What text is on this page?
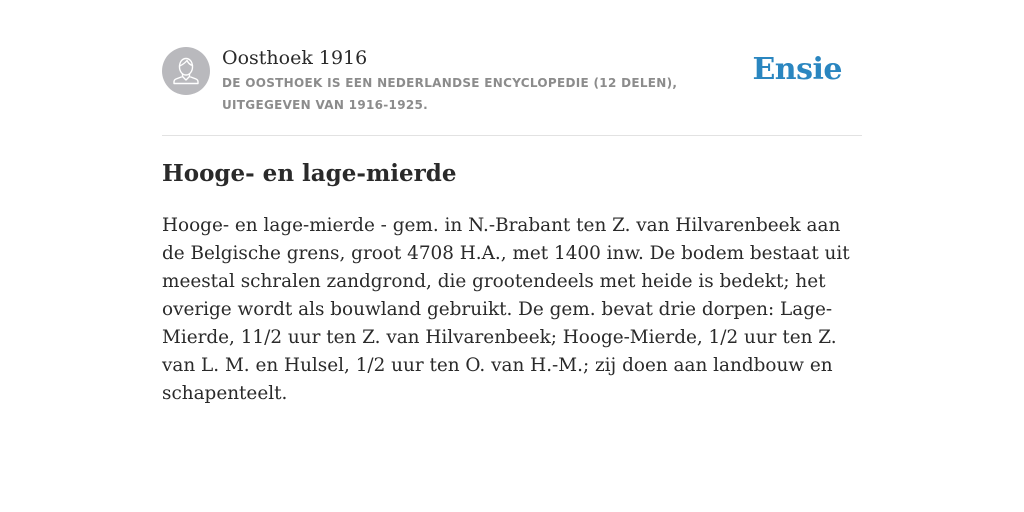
Oosthoek 1916
DE OOSTHOEK IS EEN NEDERLANDSE ENCYCLOPEDIE (12 DELEN), UITGEGEVEN VAN 1916-1925.
Ensie
Hooge- en lage-mierde

Hooge- en lage-mierde - gem. in N.-Brabant ten Z. van Hilvarenbeek aan de Belgische grens, groot 4708 H.A., met 1400 inw. De bodem bestaat uit meestal schralen zandgrond, die grootendeels met heide is bedekt; het overige wordt als bouwland gebruikt. De gem. bevat drie dorpen: Lage-Mierde, 11/2 uur ten Z. van Hilvarenbeek; Hooge-Mierde, 1/2 uur ten Z. van L. M. en Hulsel, 1/2 uur ten O. van H.-M.; zij doen aan landbouw en schapenteelt.
